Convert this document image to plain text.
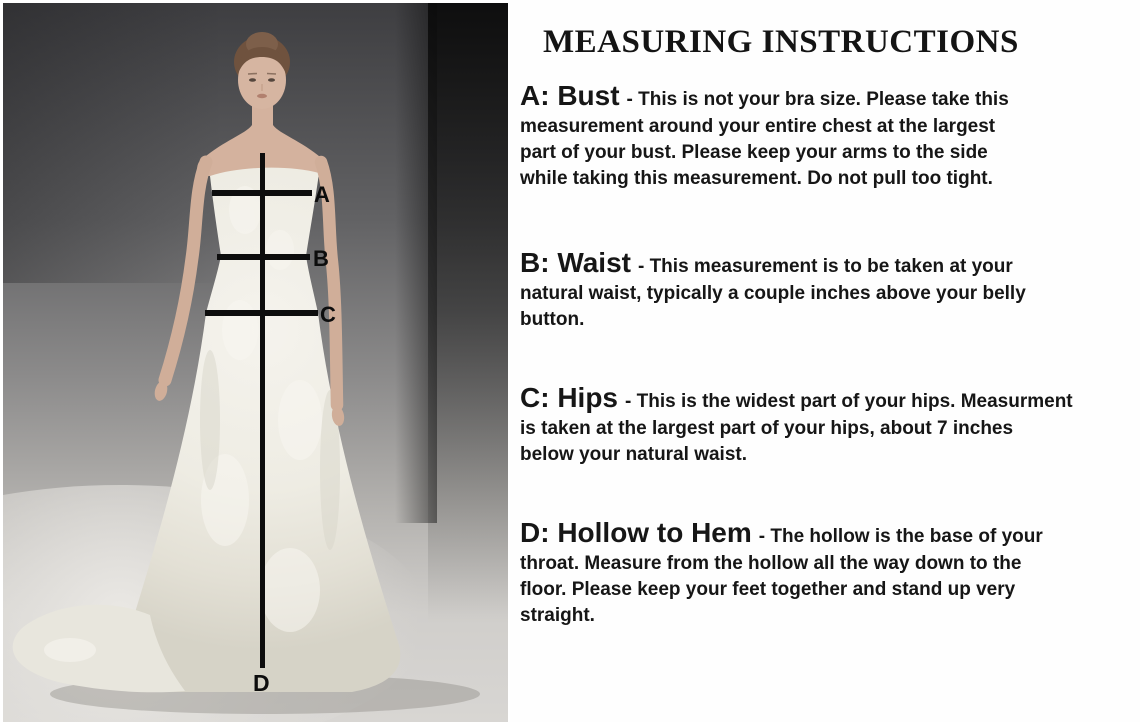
A
B
C
D
MEASURING INSTRUCTIONS

A: Bust - This is not your bra size. Please take this

measurement around your entire chest at the largest

part of your bust. Please keep your arms to the side

while taking this measurement. Do not pull too tight.

B: Waist - This measurement is to be taken at your

natural waist, typically a couple inches above your belly

button.

C: Hips - This is the widest part of your hips. Measurment

is taken at the largest part of your hips, about 7 inches

below your natural waist.

D: Hollow to Hem - The hollow is the base of your

throat. Measure from the hollow all the way down to the

floor. Please keep your feet together and stand up very

straight.
